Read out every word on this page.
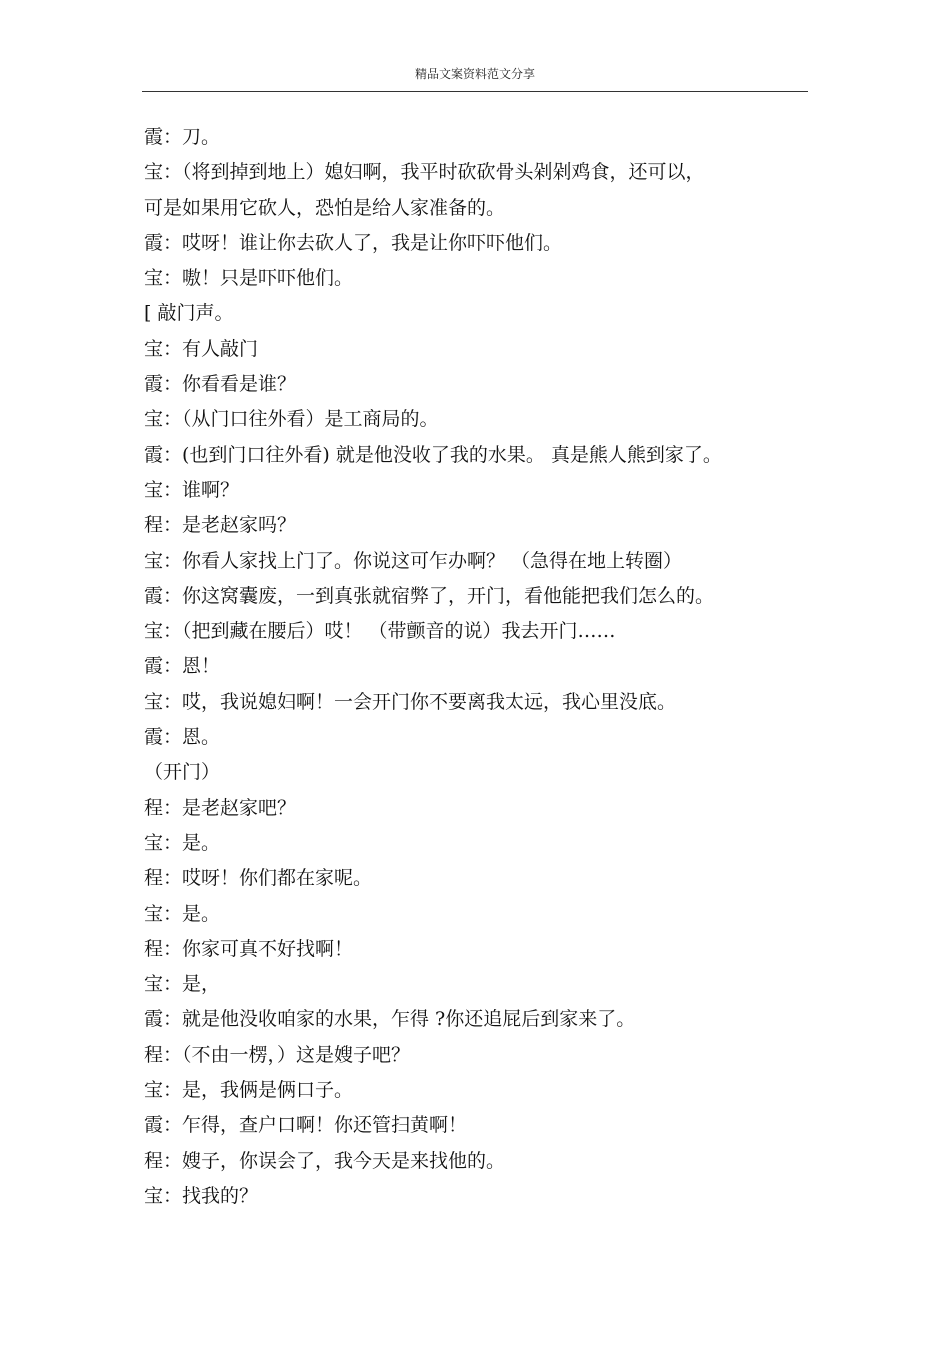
精品文案资料范文分享
霞：刀。
宝：（将到掉到地上）媳妇啊，我平时砍砍骨头剁剁鸡食，还可以，
可是如果用它砍人，恐怕是给人家准备的。
霞：哎呀！谁让你去砍人了，我是让你吓吓他们。
宝：嗷！只是吓吓他们。
[ 敲门声。
宝：有人敲门
霞：你看看是谁？
宝：（从门口往外看）是工商局的。
霞：(也到门口往外看) 就是他没收了我的水果。 真是熊人熊到家了。
宝：谁啊？
程：是老赵家吗？
宝：你看人家找上门了。你说这可乍办啊？ （急得在地上转圈）
霞：你这窝囊废，一到真张就宿弊了，开门，看他能把我们怎么的。
宝：（把到藏在腰后）哎！ （带颤音的说）我去开门……
霞：恩！
宝：哎，我说媳妇啊！一会开门你不要离我太远，我心里没底。
霞：恩。
（开门）
程：是老赵家吧？
宝：是。
程：哎呀！你们都在家呢。
宝：是。
程：你家可真不好找啊！
宝：是，
霞：就是他没收咱家的水果，乍得 ?你还追屁后到家来了。
程：（不由一楞，）这是嫂子吧？
宝：是，我俩是俩口子。
霞：乍得，查户口啊！你还管扫黄啊！
程：嫂子，你误会了，我今天是来找他的。
宝：找我的？
